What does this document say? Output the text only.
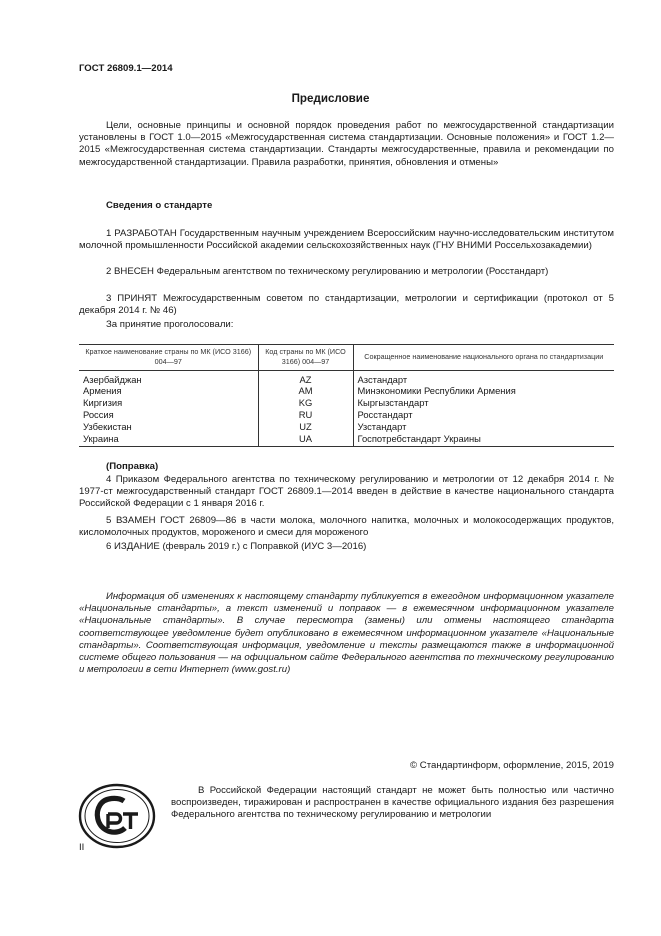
ГОСТ 26809.1—2014
Предисловие
Цели, основные принципы и основной порядок проведения работ по межгосударственной стандартизации установлены в ГОСТ 1.0—2015 «Межгосударственная система стандартизации. Основные положения» и ГОСТ 1.2—2015 «Межгосударственная система стандартизации. Стандарты межгосударственные, правила и рекомендации по межгосударственной стандартизации. Правила разработки, принятия, обновления и отмены»
Сведения о стандарте
1 РАЗРАБОТАН Государственным научным учреждением Всероссийским научно-исследовательским институтом молочной промышленности Российской академии сельскохозяйственных наук (ГНУ ВНИМИ Россельхозакадемии)
2 ВНЕСЕН Федеральным агентством по техническому регулированию и метрологии (Росстандарт)
3 ПРИНЯТ Межгосударственным советом по стандартизации, метрологии и сертификации (протокол от 5 декабря 2014 г. № 46)
За принятие проголосовали:
Краткое наименование страны по МК (ИСО 3166) 004—97	Код страны по МК (ИСО 3166) 004—97	Сокращенное наименование национального органа по стандартизации
Азербайджан	AZ	Азстандарт
Армения	AM	Минэкономики Республики Армения
Киргизия	KG	Кыргызстандарт
Россия	RU	Росстандарт
Узбекистан	UZ	Узстандарт
Украина	UA	Госпотребстандарт Украины
(Поправка)
4 Приказом Федерального агентства по техническому регулированию и метрологии от 12 декабря 2014 г. № 1977-ст межгосударственный стандарт ГОСТ 26809.1—2014 введен в действие в качестве национального стандарта Российской Федерации с 1 января 2016 г.
5 ВЗАМЕН ГОСТ 26809—86 в части молока, молочного напитка, молочных и молокосодержащих продуктов, кисломолочных продуктов, мороженого и смеси для мороженого
6 ИЗДАНИЕ (февраль 2019 г.) с Поправкой (ИУС 3—2016)
Информация об изменениях к настоящему стандарту публикуется в ежегодном информационном указателе «Национальные стандарты», а текст изменений и поправок — в ежемесячном информационном указателе «Национальные стандарты». В случае пересмотра (замены) или отмены настоящего стандарта соответствующее уведомление будет опубликовано в ежемесячном информационном указателе «Национальные стандарты». Соответствующая информация, уведомление и тексты размещаются также в информационной системе общего пользования — на официальном сайте Федерального агентства по техническому регулированию и метрологии в сети Интернет (www.gost.ru)
© Стандартинформ, оформление, 2015, 2019
В Российской Федерации настоящий стандарт не может быть полностью или частично воспроизведен, тиражирован и распространен в качестве официального издания без разрешения Федерального агентства по техническому регулированию и метрологии
II
